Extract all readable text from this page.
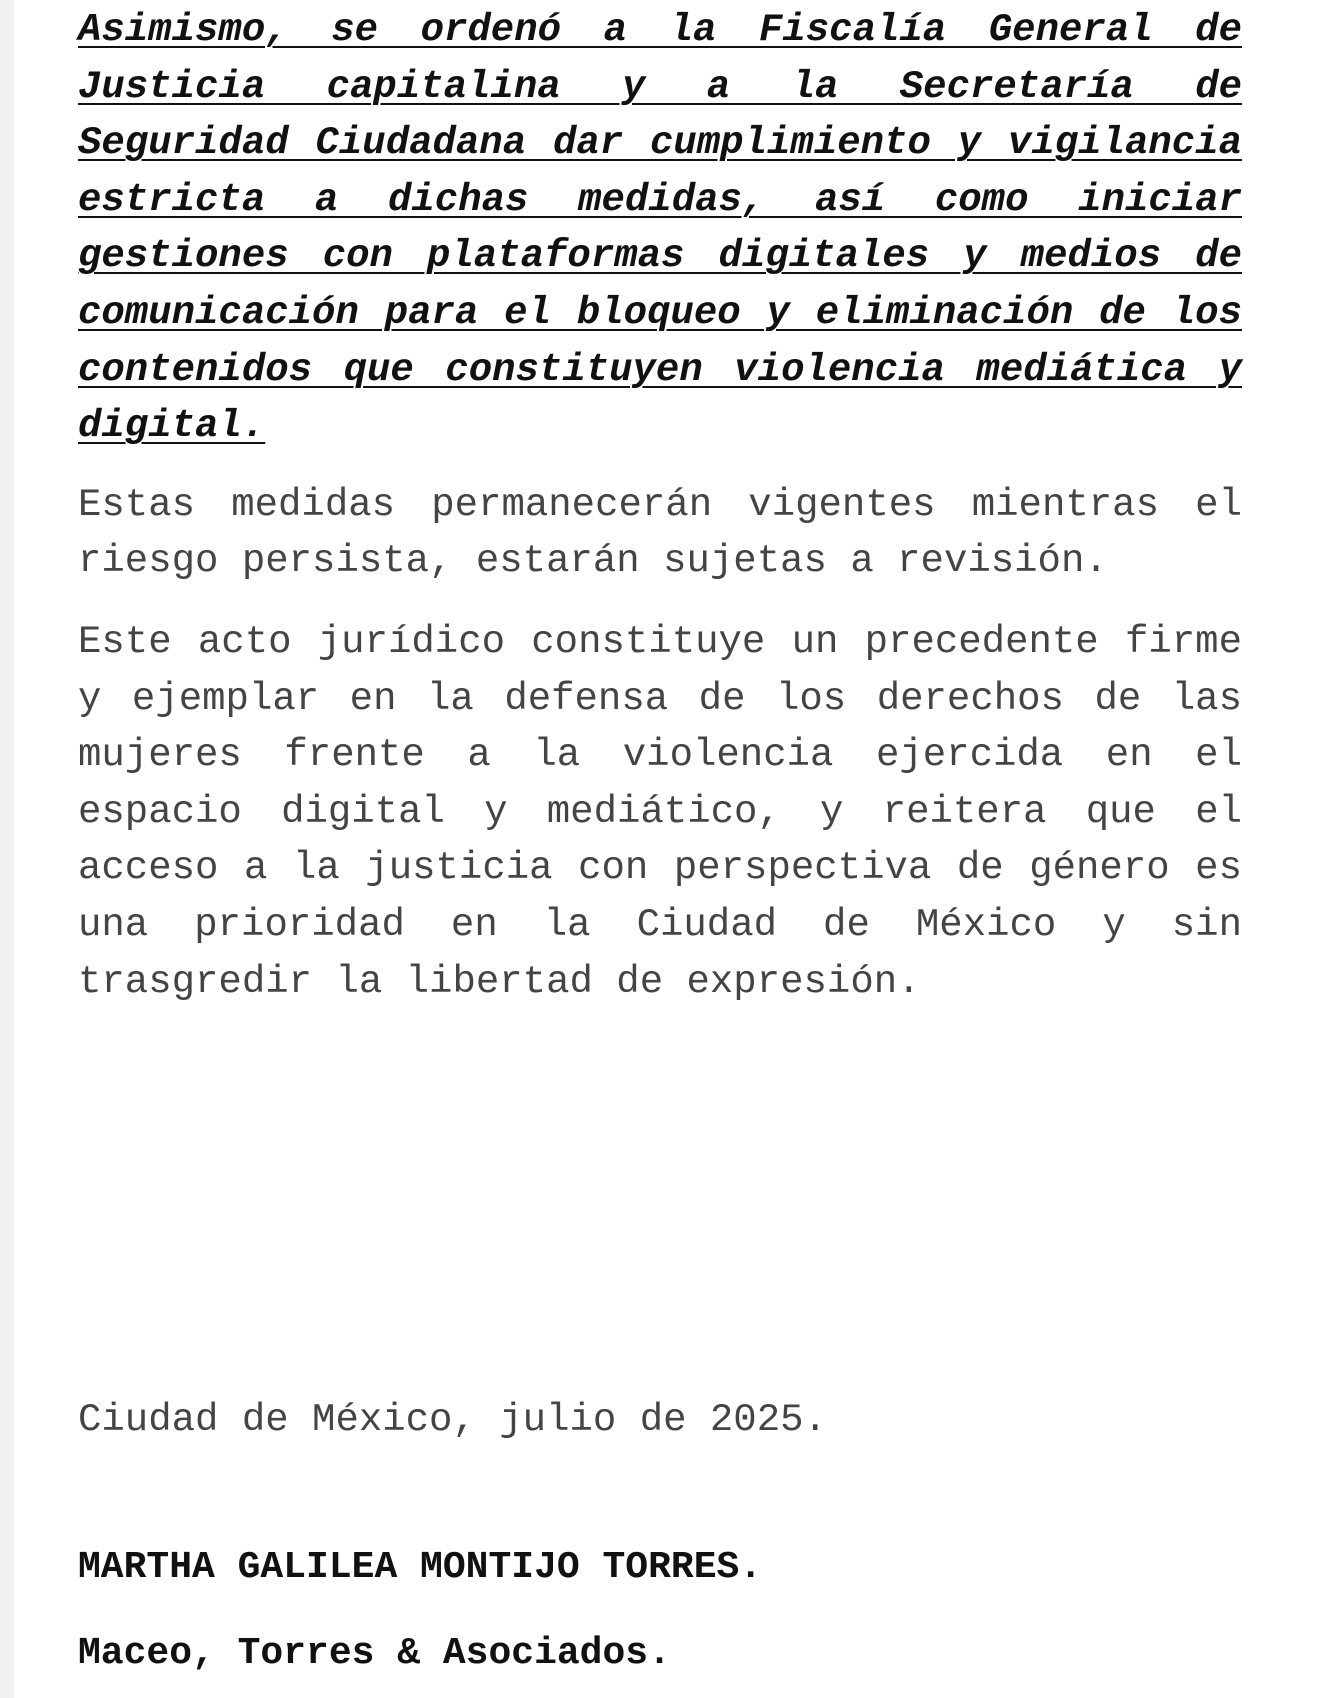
Asimismo, se ordenó a la Fiscalía General de Justicia capitalina y a la Secretaría de Seguridad Ciudadana dar cumplimiento y vigilancia estricta a dichas medidas, así como iniciar gestiones con plataformas digitales y medios de comunicación para el bloqueo y eliminación de los contenidos que constituyen violencia mediática y digital.

Estas medidas permanecerán vigentes mientras el riesgo persista, estarán sujetas a revisión.

Este acto jurídico constituye un precedente firme y ejemplar en la defensa de los derechos de las mujeres frente a la violencia ejercida en el espacio digital y mediático, y reitera que el acceso a la justicia con perspectiva de género es una prioridad en la Ciudad de México y sin trasgredir la libertad de expresión.

Ciudad de México, julio de 2025.

MARTHA GALILEA MONTIJO TORRES.

Maceo, Torres & Asociados.
